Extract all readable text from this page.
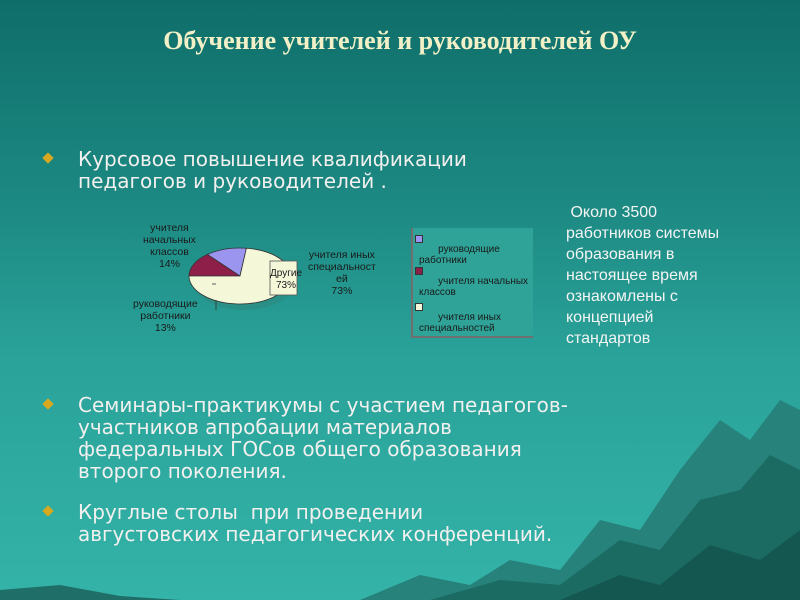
Обучение учителей и руководителей ОУ
Курсовое повышение квалификации
педагогов и руководителей .
Семинары-практикумы с участием педагогов-
участников апробации материалов
федеральных ГОСов общего образования
второго поколения.
Круглые столы  при проведении
августовских педагогических конференций.
Около 3500
работников системы
образования в
настоящее время
ознакомлены с
концепцией
стандартов
учителя
начальных
классов
14%
руководящие
работники
13%
учителя иных
специальност
ей
73%
Другие
73%

руководящие
работники

учителя начальных
классов

учителя иных
специальностей
